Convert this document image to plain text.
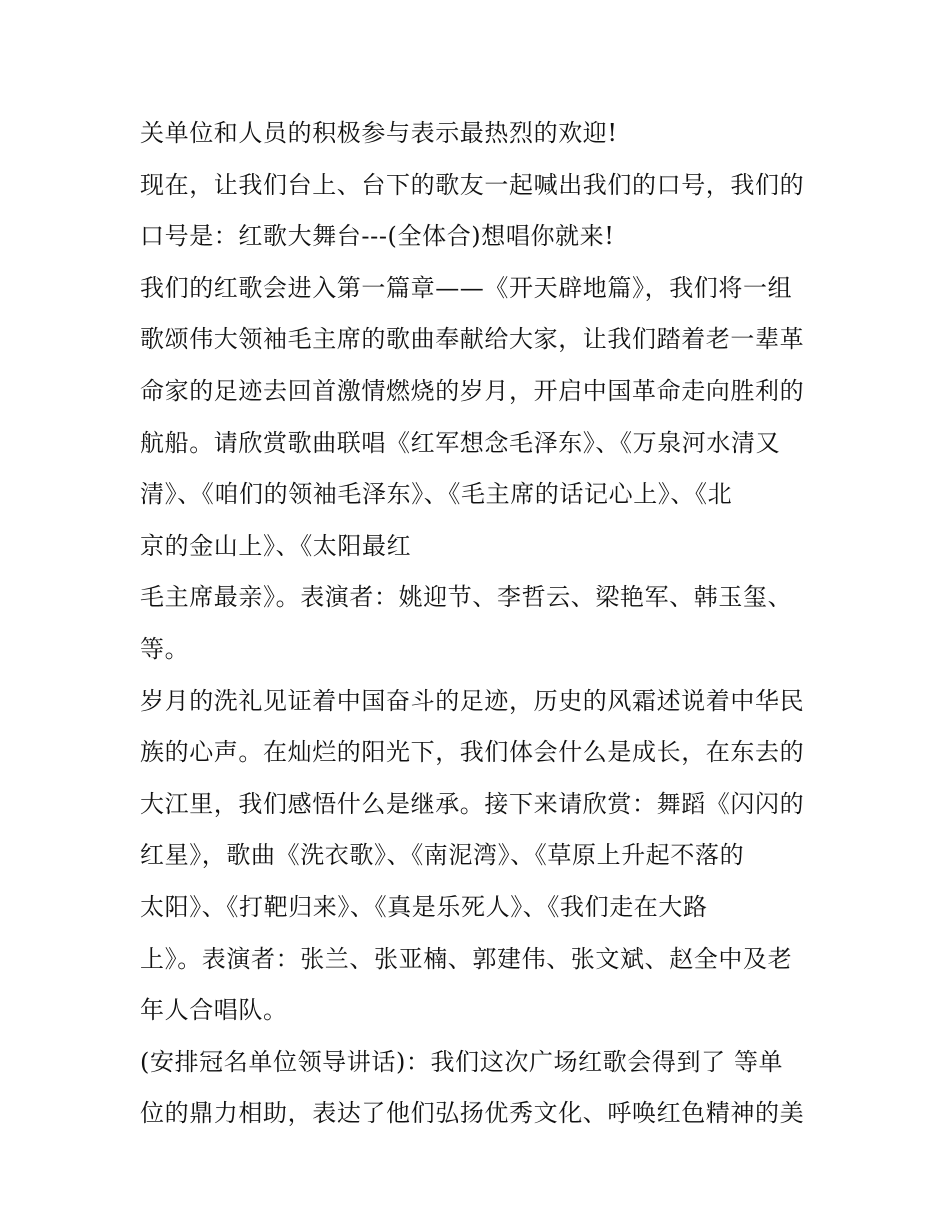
关单位和人员的积极参与表示最热烈的欢迎!
现在，让我们台上、台下的歌友一起喊出我们的口号，我们的
口号是：红歌大舞台---(全体合)想唱你就来!
我们的红歌会进入第一篇章——《开天辟地篇》，我们将一组
歌颂伟大领袖毛主席的歌曲奉献给大家，让我们踏着老一辈革
命家的足迹去回首激情燃烧的岁月，开启中国革命走向胜利的
航船。请欣赏歌曲联唱《红军想念毛泽东》、《万泉河水清又
清》、《咱们的领袖毛泽东》、《毛主席的话记心上》、《北
京的金山上》、《太阳最红
毛主席最亲》。表演者：姚迎节、李哲云、梁艳军、韩玉玺、
等。
岁月的洗礼见证着中国奋斗的足迹，历史的风霜述说着中华民
族的心声。在灿烂的阳光下，我们体会什么是成长，在东去的
大江里，我们感悟什么是继承。接下来请欣赏：舞蹈《闪闪的
红星》，歌曲《洗衣歌》、《南泥湾》、《草原上升起不落的
太阳》、《打靶归来》、《真是乐死人》、《我们走在大路
上》。表演者：张兰、张亚楠、郭建伟、张文斌、赵全中及老
年人合唱队。
(安排冠名单位领导讲话)：我们这次广场红歌会得到了 等单
位的鼎力相助，表达了他们弘扬优秀文化、呼唤红色精神的美
